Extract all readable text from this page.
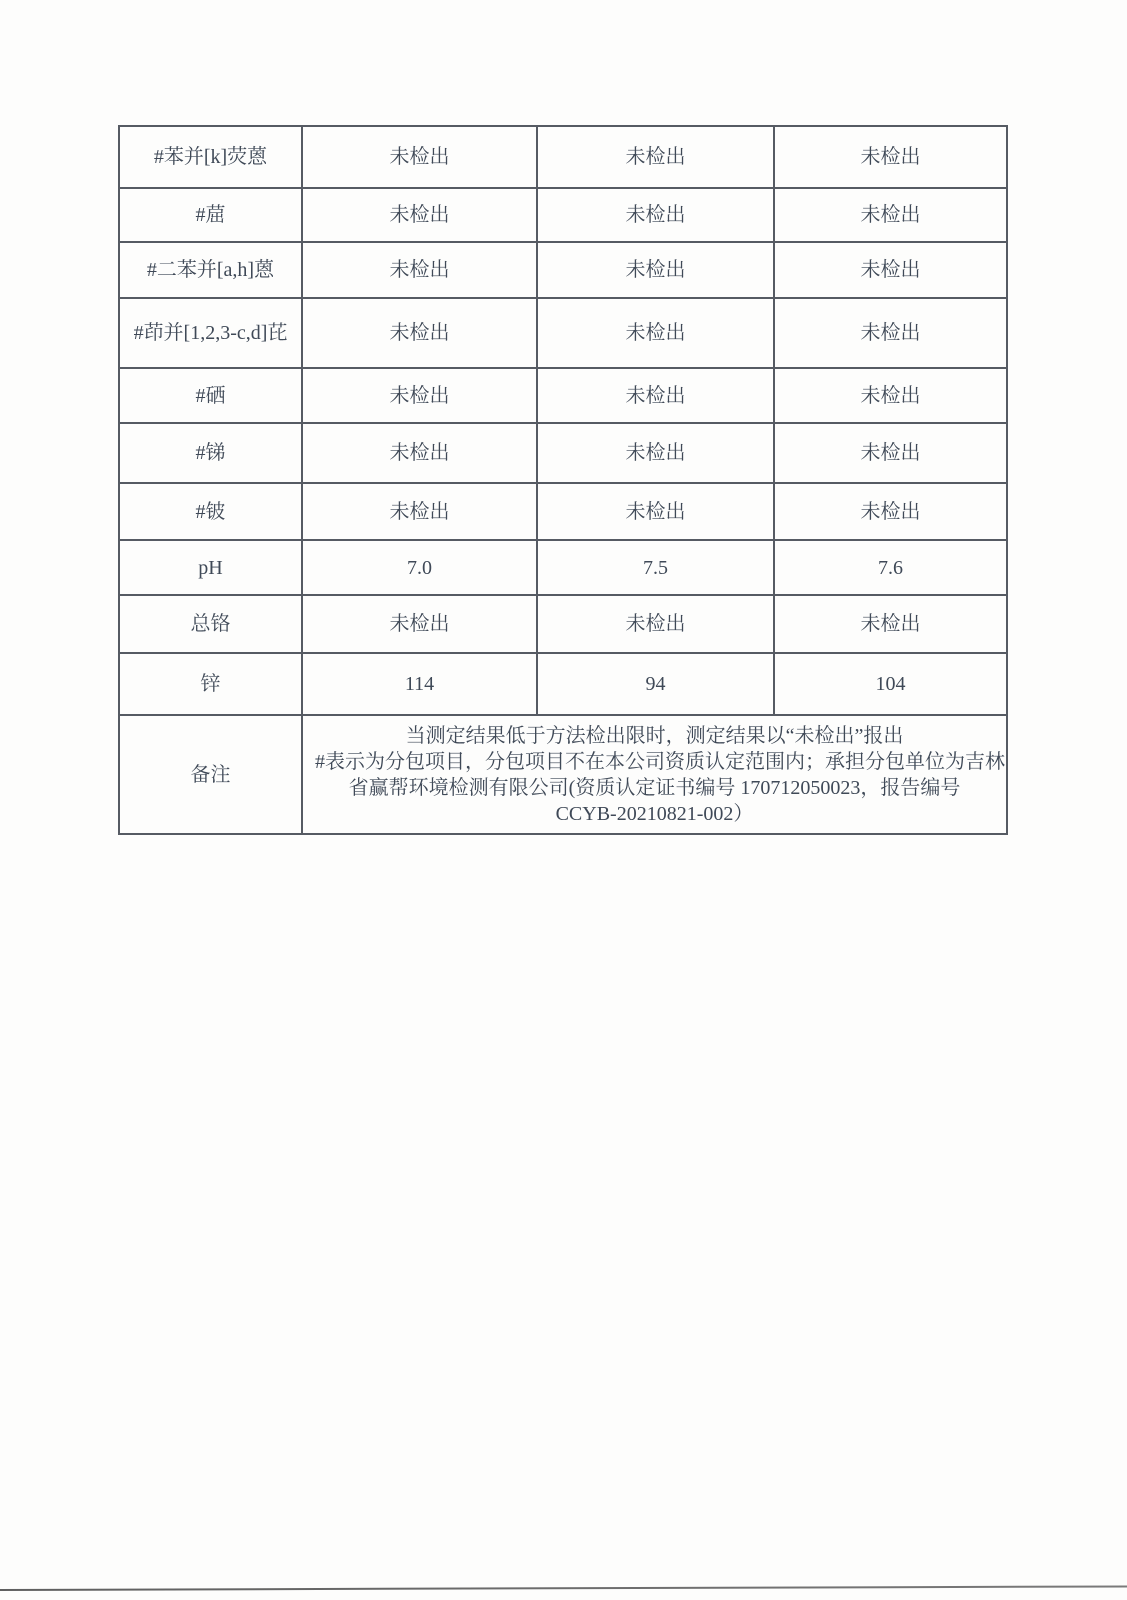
#苯并[k]荧蒽	未检出	未检出	未检出
#䓛	未检出	未检出	未检出
#二苯并[a,h]蒽	未检出	未检出	未检出
#茚并[1,2,3-c,d]芘	未检出	未检出	未检出
#硒	未检出	未检出	未检出
#锑	未检出	未检出	未检出
#铍	未检出	未检出	未检出
pH	7.0	7.5	7.6
总铬	未检出	未检出	未检出
锌	114	94	104
备注	当测定结果低于方法检出限时，测定结果以“未检出”报出
#表示为分包项目，分包项目不在本公司资质认定范围内；承担分包单位为吉林
省赢帮环境检测有限公司(资质认定证书编号 170712050023，报告编号
CCYB-20210821-002）		
